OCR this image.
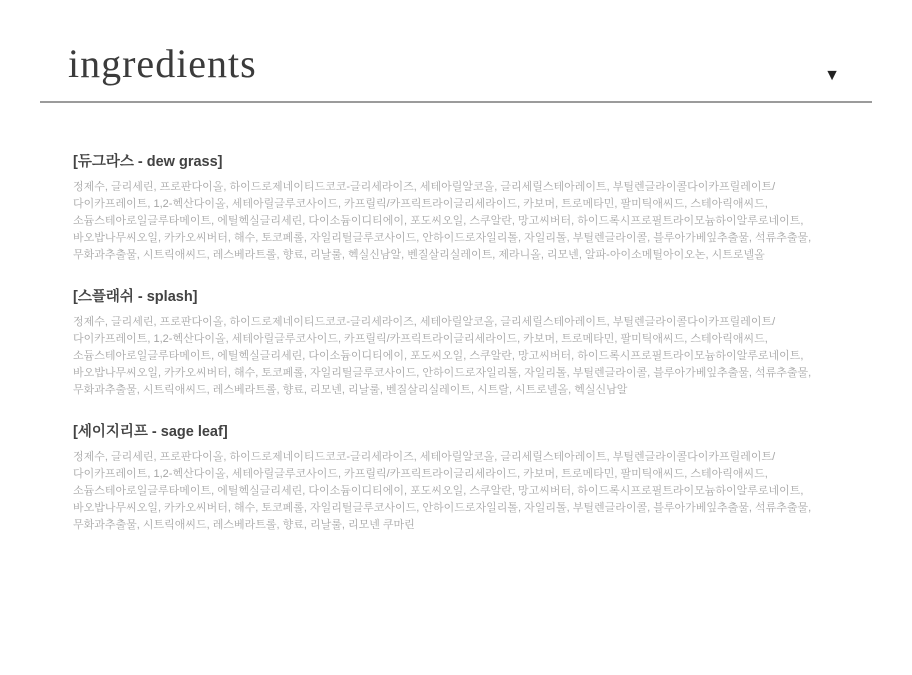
ingredients	▼
[듀그라스 - dew grass]

정제수, 글리세린, 프로판다이올, 하이드로제네이티드코코-글리세라이즈, 세테아릴알코올, 글리세릴스테아레이트, 부틸렌글라이콜다이카프릴레이트/다이카프레이트, 1,2-헥산다이올, 세테아릴글루코사이드, 카프릴릭/카프릭트라이글리세라이드, 카보머, 트로메타민, 팔미틱애씨드, 스테아릭애씨드, 소듐스테아로일글루타메이트, 에틸헥실글리세린, 다이소듐이디티에이, 포도씨오일, 스쿠알란, 망고씨버터, 하이드록시프로필트라이모늄하이알루로네이트, 바오밥나무씨오일, 카카오씨버터, 해수, 토코페롤, 자일리틸글루코사이드, 안하이드로자일리톨, 자일리톨, 부틸렌글라이콜, 블루아가베잎추출물, 석류추출물, 무화과추출물, 시트릭애씨드, 레스베라트롤, 향료, 리날룰, 헥실신남알, 벤질살리실레이트, 제라니올, 리모넨, 알파-아이소메틸아이오논, 시트로넬올

[스플래쉬 - splash]

정제수, 글리세린, 프로판다이올, 하이드로제네이티드코코-글리세라이즈, 세테아릴알코올, 글리세릴스테아레이트, 부틸렌글라이콜다이카프릴레이트/다이카프레이트, 1,2-헥산다이올, 세테아릴글루코사이드, 카프릴릭/카프릭트라이글리세라이드, 카보머, 트로메타민, 팔미틱애씨드, 스테아릭애씨드, 소듐스테아로일글루타메이트, 에틸헥실글리세린, 다이소듐이디티에이, 포도씨오일, 스쿠알란, 망고씨버터, 하이드록시프로필트라이모늄하이알루로네이트, 바오밥나무씨오일, 카카오씨버터, 해수, 토코페롤, 자일리틸글루코사이드, 안하이드로자일리톨, 자일리톨, 부틸렌글라이콜, 블루아가베잎추출물, 석류추출물, 무화과추출물, 시트릭애씨드, 레스베라트롤, 향료, 리모넨, 리날룰, 벤질살리실레이트, 시트랄, 시트로넬올, 헥실신남알

[세이지리프 - sage leaf]

정제수, 글리세린, 프로판다이올, 하이드로제네이티드코코-글리세라이즈, 세테아릴알코올, 글리세릴스테아레이트, 부틸렌글라이콜다이카프릴레이트/다이카프레이트, 1,2-헥산다이올, 세테아릴글루코사이드, 카프릴릭/카프릭트라이글리세라이드, 카보머, 트로메타민, 팔미틱애씨드, 스테아릭애씨드, 소듐스테아로일글루타메이트, 에틸헥실글리세린, 다이소듐이디티에이, 포도씨오일, 스쿠알란, 망고씨버터, 하이드록시프로필트라이모늄하이알루로네이트, 바오밥나무씨오일, 카카오씨버터, 해수, 토코페롤, 자일리틸글루코사이드, 안하이드로자일리톨, 자일리톨, 부틸렌글라이콜, 블루아가베잎추출물, 석류추출물, 무화과추출물, 시트릭애씨드, 레스베라트롤, 향료, 리날룰, 리모넨 쿠마린
